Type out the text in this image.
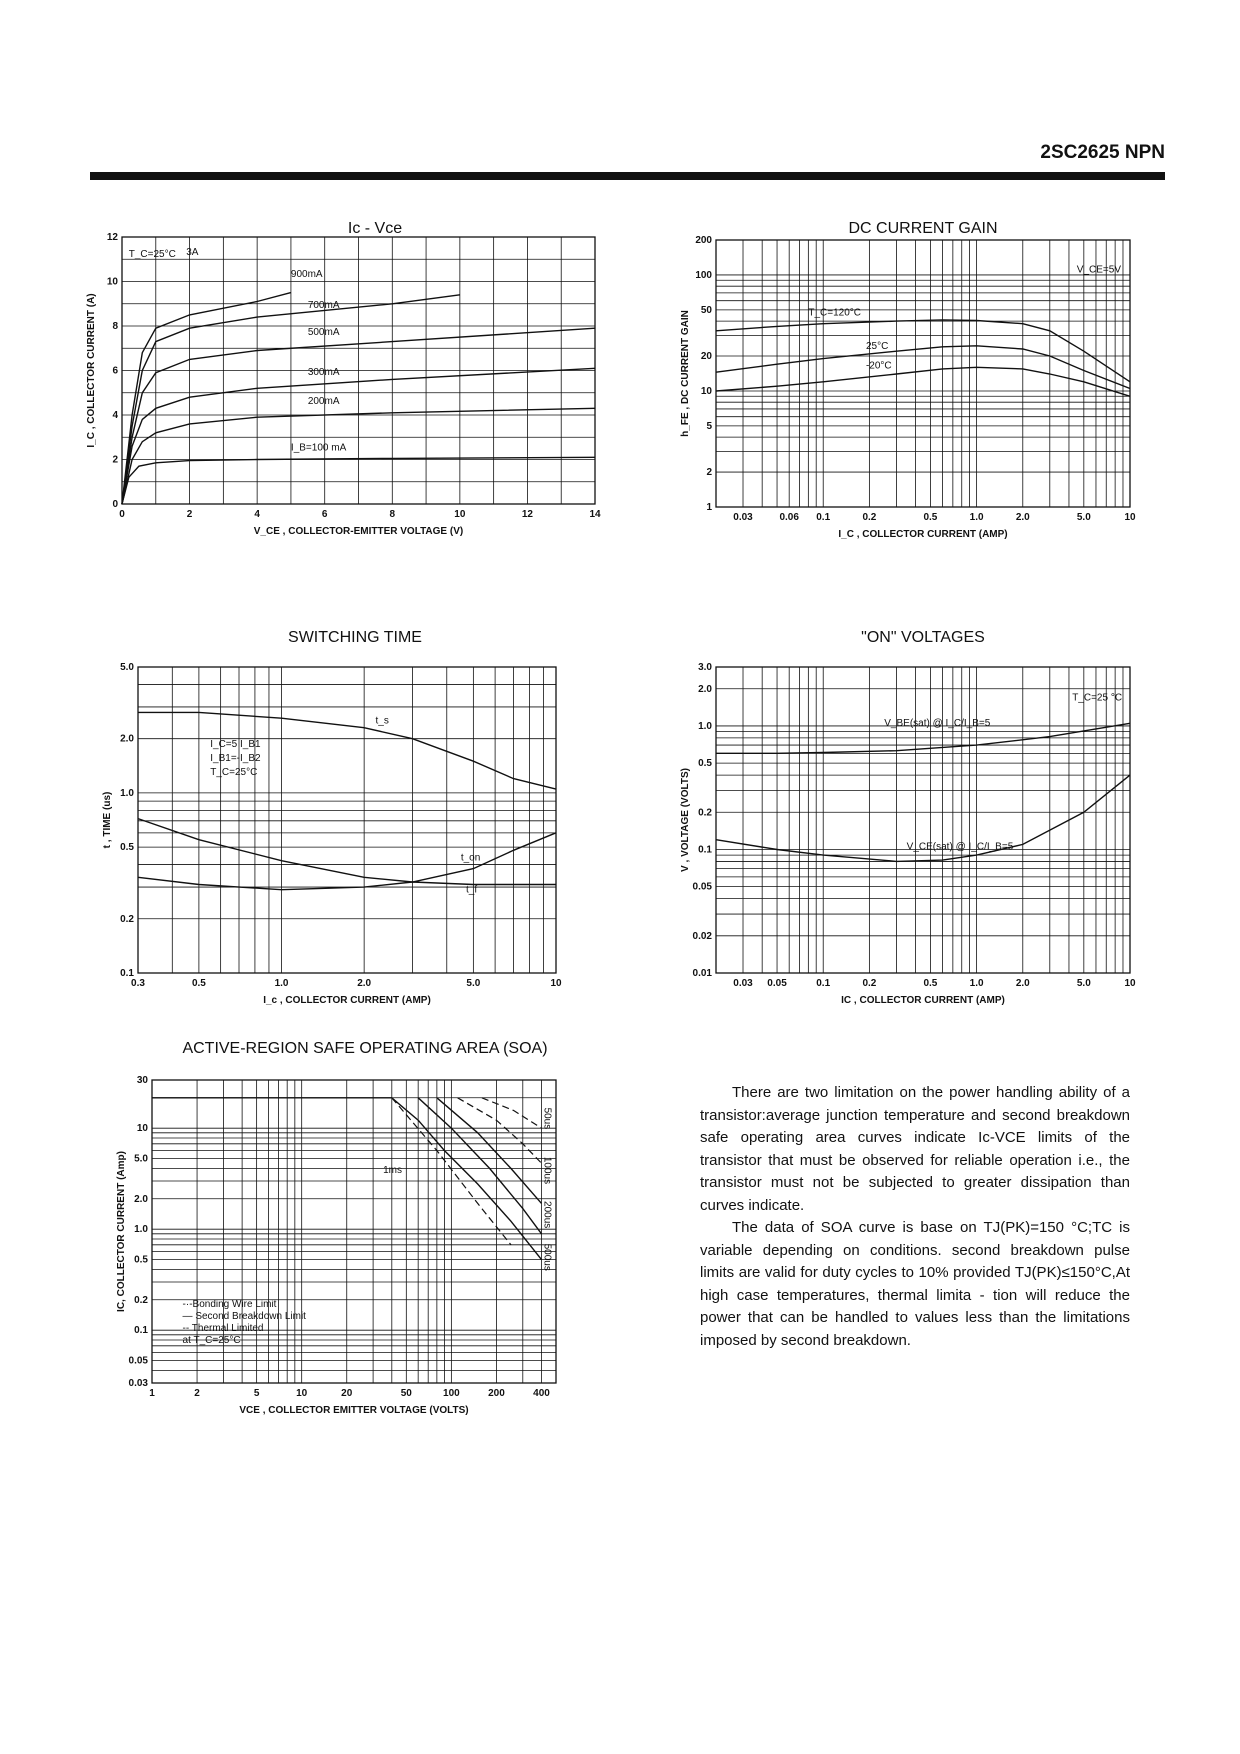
2SC2625 NPN
Ic - Vce	DC CURRENT GAIN
SWITCHING TIME	"ON" VOLTAGES
ACTIVE-REGION SAFE OPERATING AREA (SOA)
0	2	4	6	8	10	12	14
0
2
4
6
8
10
12
V_CE , COLLECTOR-EMITTER VOLTAGE (V)
I_C , COLLECTOR CURRENT (A)
I_B=100 mA
200mA
300mA
500mA
700mA
900mA
T_C=25°C 3A
0.03	0.06 0.1	0.2	0.5	1.0	2.0	5.0	10
1
2
5
10
20
50
100
200
I_C , COLLECTOR CURRENT (AMP)
h_FE , DC CURRENT GAIN	T_C=120°C
25°C
-20°C
V_CE=5V
0.3	0.5	1.0	2.0	5.0	10
0.1
0.2
0.5
1.0
2.0
5.0
I_c , COLLECTOR CURRENT (AMP)
t , TIME (us)
t_s
t_on
t_f
I_C=5 I_B1
I_B1=-I_B2
T_C=25°C
0.03 0.05	0.1	0.2	0.5	1.0	2.0	5.0	10
0.01
0.02
0.05
0.1
0.2
0.5
1.0
2.0
3.0
IC , COLLECTOR CURRENT (AMP)
V , VOLTAGE (VOLTS)
V_BE(sat) @ I_C/I_B=5
V_CE(sat) @ I_C/I_B=5
T_C=25 °C
1	2	5	10	20	50	100	200	400
0.03
0.05
0.1
0.2
0.5
1.0
2.0
5.0
10
30
VCE , COLLECTOR EMITTER VOLTAGE (VOLTS)
IC, COLLECTOR CURRENT (Amp)	1ms
50us
100us
200us
500us
-·-Bonding Wire Limit
— Second Breakdown Limit
-- Thermal Limited
at T_C=25°C

There are two limitation on the power handling ability of a transistor:average junction temperature and second breakdown safe operating area curves indicate Ic-VCE limits of the transistor that must be observed for reliable operation i.e., the transistor must not be subjected to greater dissipation than curves indicate.

The data of SOA curve is base on TJ(PK)=150 °C;TC is variable depending on conditions. second breakdown pulse limits are valid for duty cycles to 10% provided TJ(PK)≤150°C,At high case temperatures, thermal limita - tion will reduce the power that can be handled to values less than the limitations imposed by second breakdown.
